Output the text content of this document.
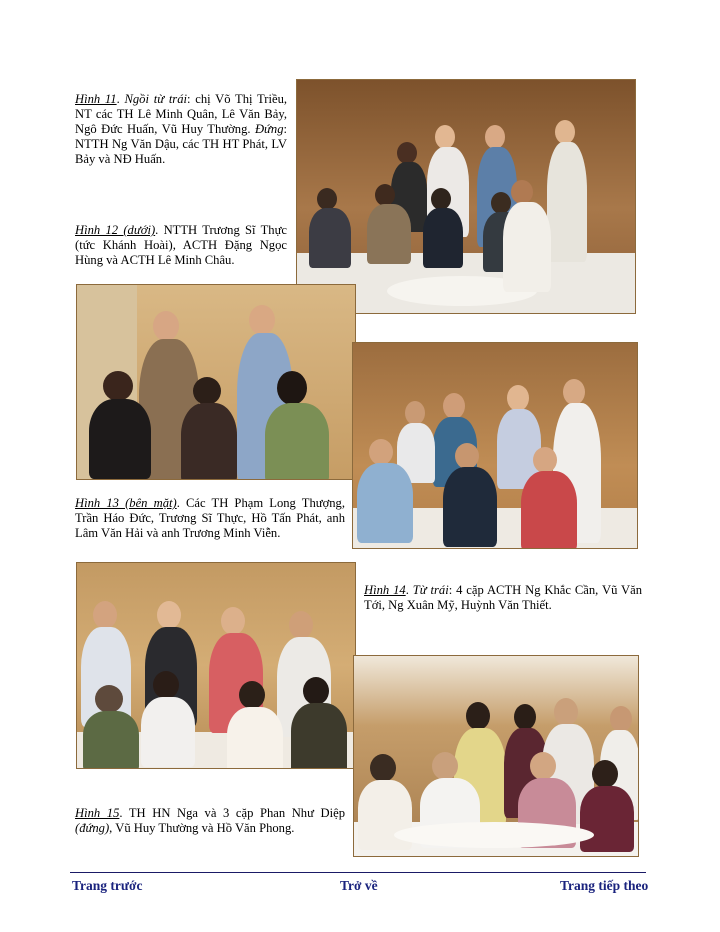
Hình 11. Ngồi từ trái: chị Võ Thị Triều, NT các TH Lê Minh Quân, Lê Văn Bảy, Ngô Đức Huấn, Vũ Huy Thường. Đứng: NTTH Ng Văn Dậu, các TH HT Phát, LV Bảy và NĐ Huấn.
Hình 12 (dưới). NTTH Trương Sĩ Thực (tức Khánh Hoài), ACTH Đặng Ngọc Hùng và ACTH Lê Minh Châu.
Hình 13 (bên mặt). Các TH Phạm Long Thượng, Trần Háo Đức, Trương Sĩ Thực, Hồ Tấn Phát, anh Lâm Văn Hải và anh Trương Minh Viễn.
Hình 14. Từ trái: 4 cặp ACTH Ng Khắc Cần, Vũ Văn Tới, Ng Xuân Mỹ, Huỳnh Văn Thiết.
Hình 15. TH HN Nga và 3 cặp Phan Như Diệp (đứng), Vũ Huy Thường và Hồ Văn Phong.
Trang trước	Trở về	Trang tiếp theo
